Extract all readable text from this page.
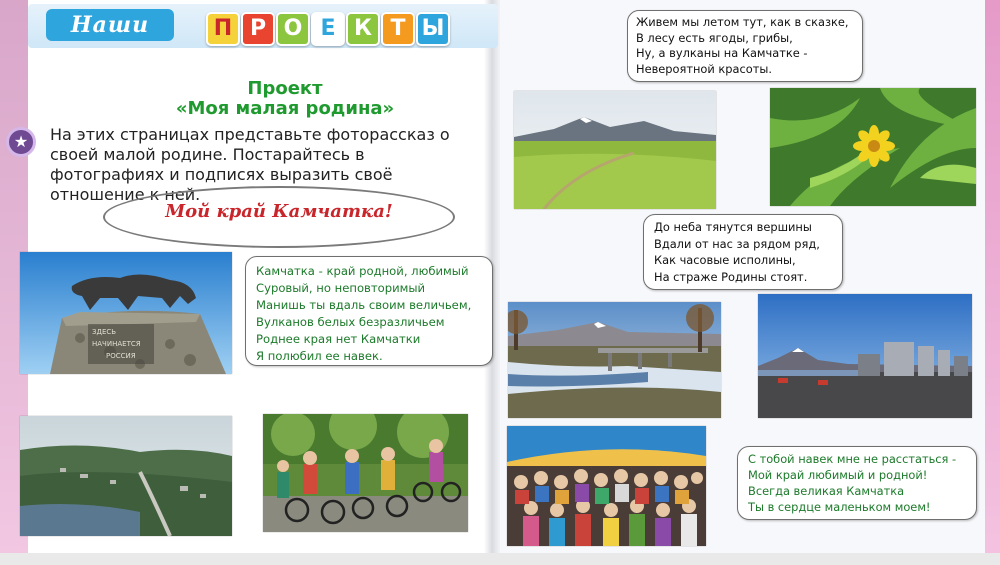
Наши	П Р О Е К Т Ы
Проект
«Моя малая родина»
★	На этих страницах представьте фоторассказ о своей малой родине. Постарайтесь в фотографиях и подписях выразить своё отношение к ней.
Мой край Камчатка!
ЗДЕСЬ
НАЧИНАЕТСЯ
РОССИЯ
Камчатка - край родной, любимый
Суровый, но неповторимый
Манишь ты вдаль своим величьем,
Вулканов белых безразличьем
Роднее края нет Камчатки
Я полюбил ее навек.
Живем мы летом тут, как в сказке,
В лесу есть ягоды, грибы,
Ну, а вулканы на Камчатке -
Невероятной красоты.
До неба тянутся вершины
Вдали от нас за рядом ряд,
Как часовые исполины,
На страже Родины стоят.
С тобой навек мне не расстаться -
Мой край любимый и родной!
Всегда великая Камчатка
Ты в сердце маленьком моем!
